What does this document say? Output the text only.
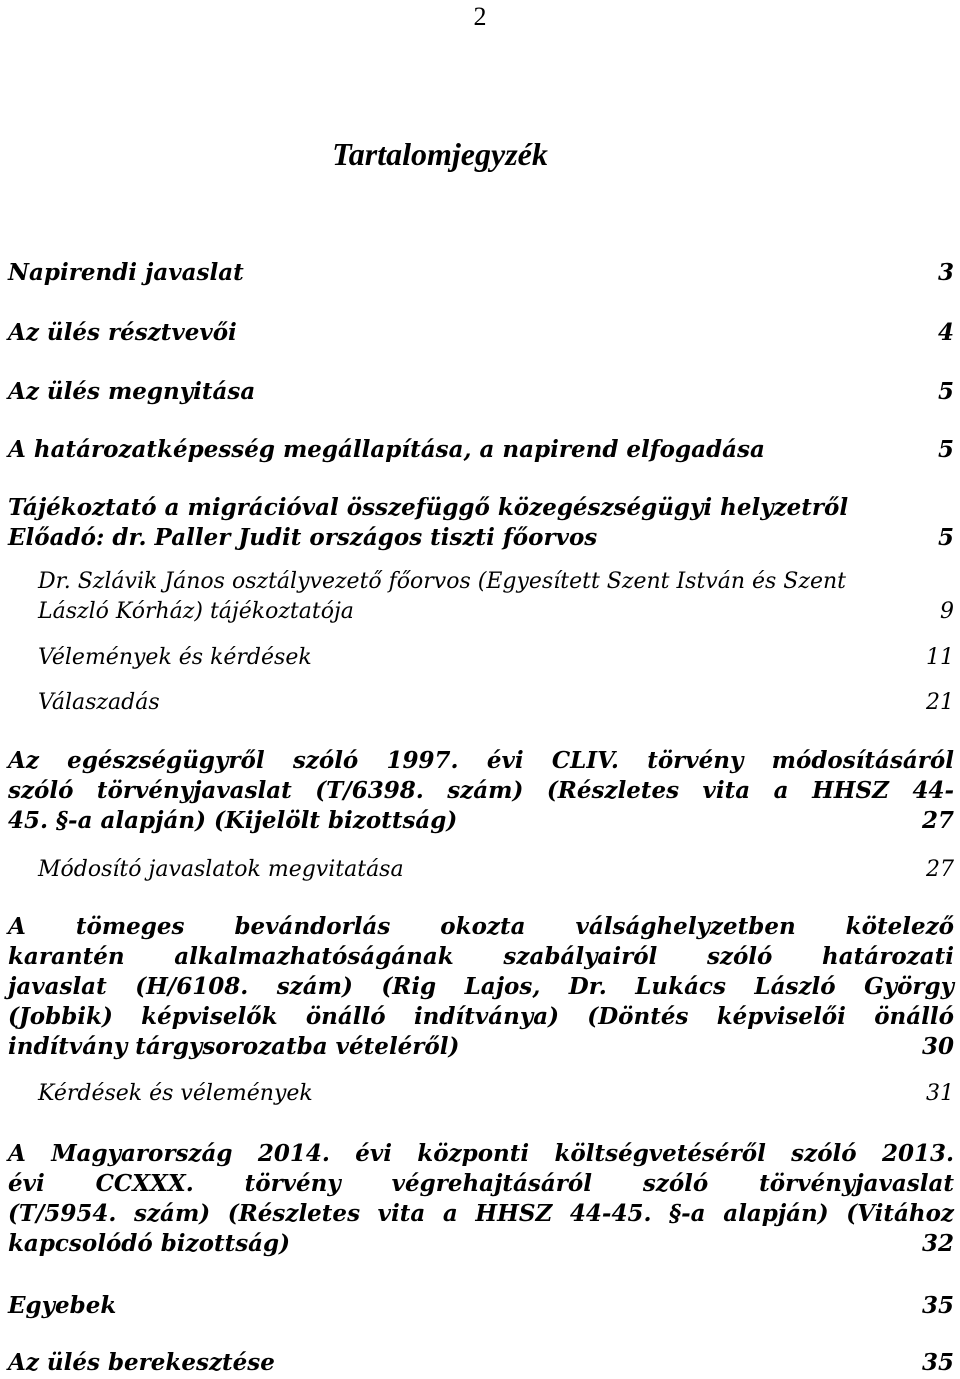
2
Tartalomjegyzék
Napirendi javaslat	3
Az ülés résztvevői	4
Az ülés megnyitása	5
A határozatképesség megállapítása, a napirend elfogadása	5
Tájékoztató a migrációval összefüggő közegészségügyi helyzetről
Előadó: dr. Paller Judit országos tiszti főorvos	5
Dr. Szlávik János osztályvezető főorvos (Egyesített Szent István és Szent
László Kórház) tájékoztatója	9
Vélemények és kérdések	11
Válaszadás	21
Az egészségügyről szóló 1997. évi CLIV. törvény módosításáról
szóló törvényjavaslat (T/6398. szám) (Részletes vita a HHSZ 44-
45. §-a alapján) (Kijelölt bizottság)	27
Módosító javaslatok megvitatása	27
A tömeges bevándorlás okozta válsághelyzetben kötelező
karantén alkalmazhatóságának szabályairól szóló határozati
javaslat (H/6108. szám) (Rig Lajos, Dr. Lukács László György
(Jobbik) képviselők önálló indítványa) (Döntés képviselői önálló
indítvány tárgysorozatba vételéről)	30
Kérdések és vélemények	31
A Magyarország 2014. évi központi költségvetéséről szóló 2013.
évi CCXXX. törvény végrehajtásáról szóló törvényjavaslat
(T/5954. szám) (Részletes vita a HHSZ 44-45. §-a alapján) (Vitához
kapcsolódó bizottság)	32
Egyebek	35
Az ülés berekesztése	35
